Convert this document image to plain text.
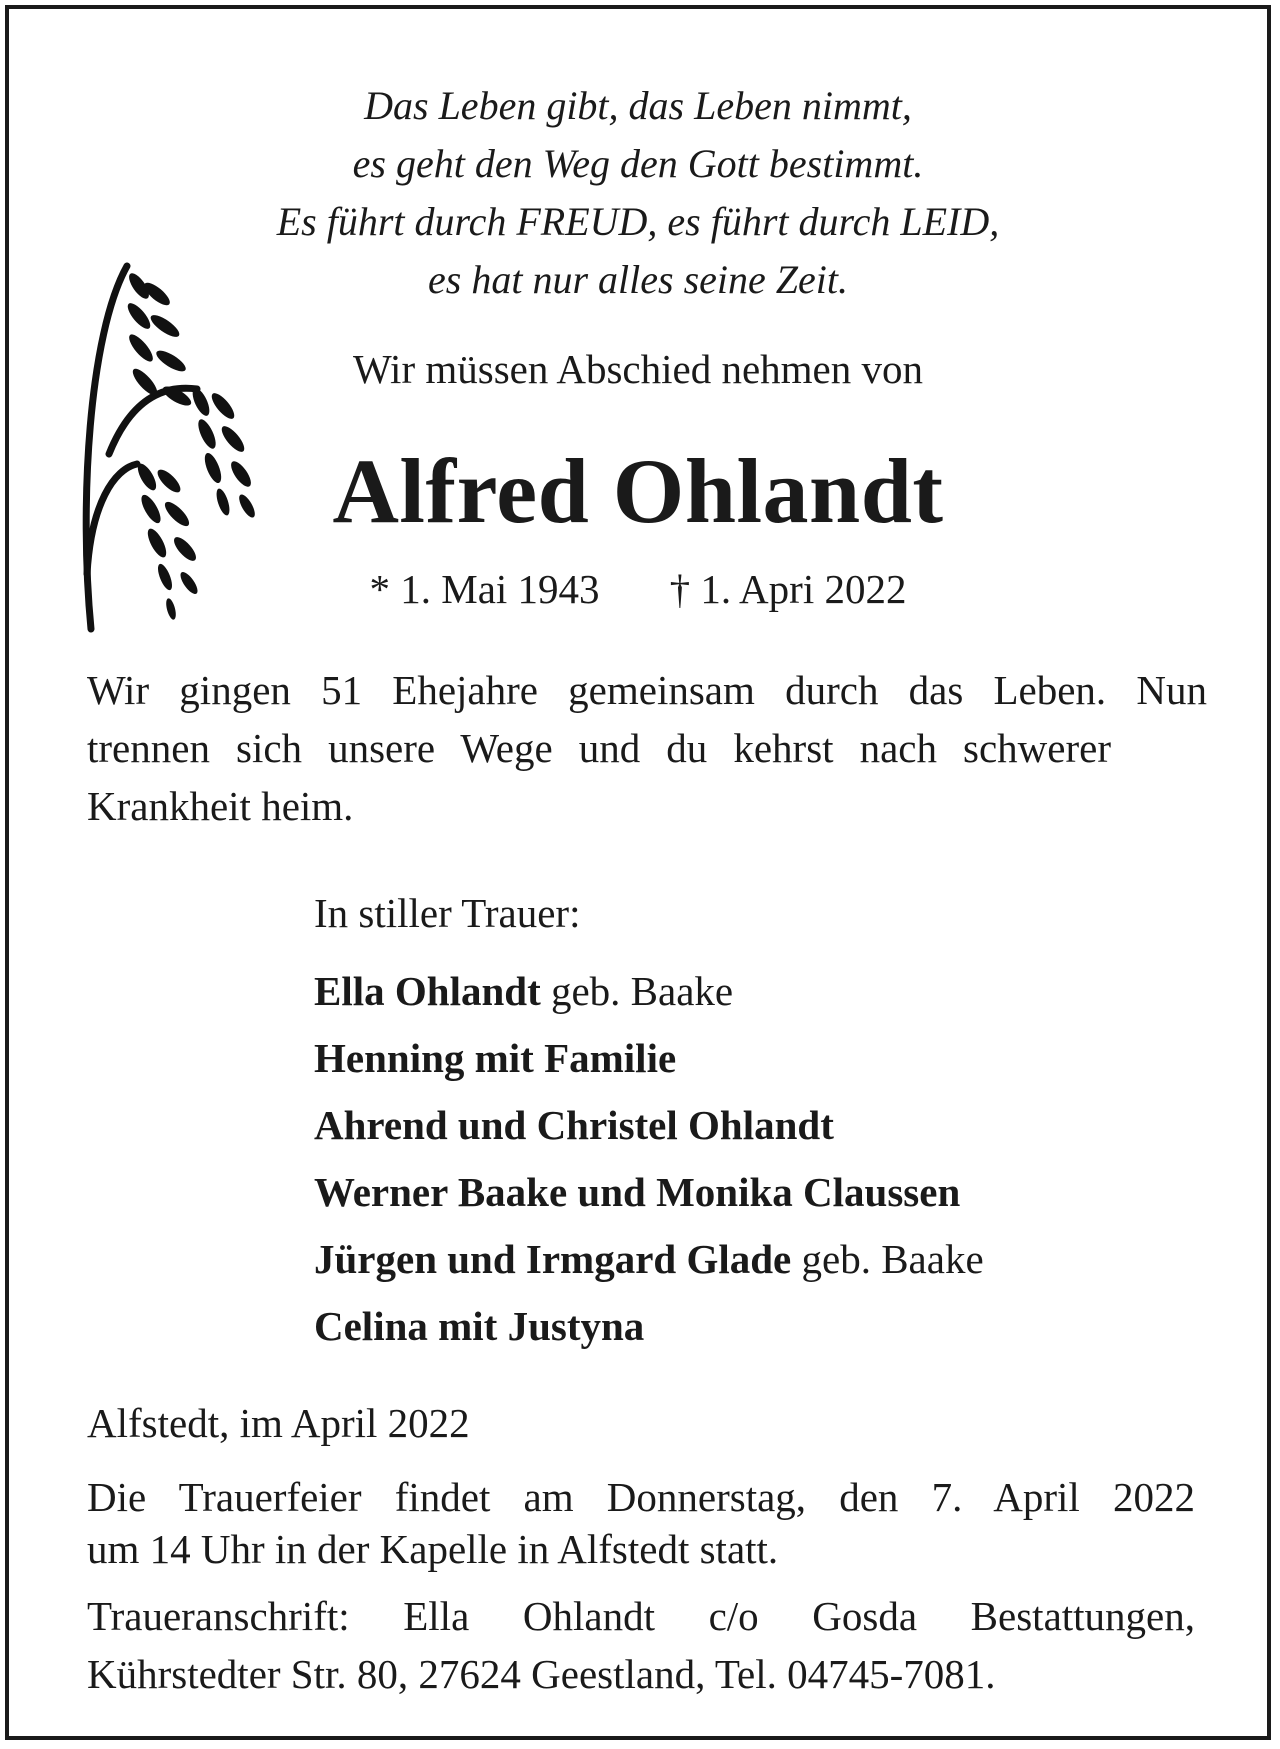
Das Leben gibt, das Leben nimmt,
es geht den Weg den Gott bestimmt.
Es führt durch FREUD, es führt durch LEID,
es hat nur alles seine Zeit.
Wir müssen Abschied nehmen von
Alfred Ohlandt
* 1. Mai 1943 † 1. Apri 2022
Wir gingen 51 Ehejahre gemeinsam durch das Leben. Nun
trennen sich unsere Wege und du kehrst nach schwerer
Krankheit heim.
In stiller Trauer:
Ella Ohlandt geb. Baake
Henning mit Familie
Ahrend und Christel Ohlandt
Werner Baake und Monika Claussen
Jürgen und Irmgard Glade geb. Baake
Celina mit Justyna
Alfstedt, im April 2022
Die Trauerfeier findet am Donnerstag, den 7. April 2022
um 14 Uhr in der Kapelle in Alfstedt statt.
Traueranschrift: Ella Ohlandt c/o Gosda Bestattungen,
Kührstedter Str. 80, 27624 Geestland, Tel. 04745-7081.
